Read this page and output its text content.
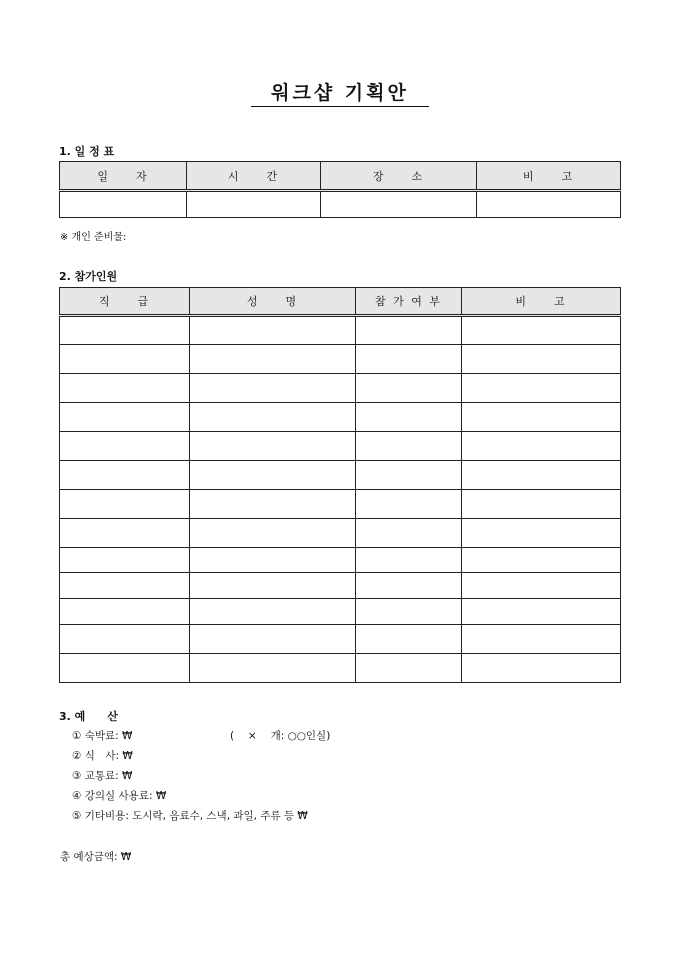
워크샵 기획안
1. 일 정 표
일　　자	시　　간	장　　소	비　　고

※ 개인 준비물:
2. 참가인원
직　　급	성　　명	참 가 여 부	비　　고

3. 예　　산
① 숙박료: ₩	(　 ×　 개: ○○인실)
② 식　사: ₩
③ 교통료: ₩
④ 강의실 사용료: ₩
⑤ 기타비용: 도시락, 음료수, 스낵, 과일, 주류 등 ₩
총 예상금액: ₩
